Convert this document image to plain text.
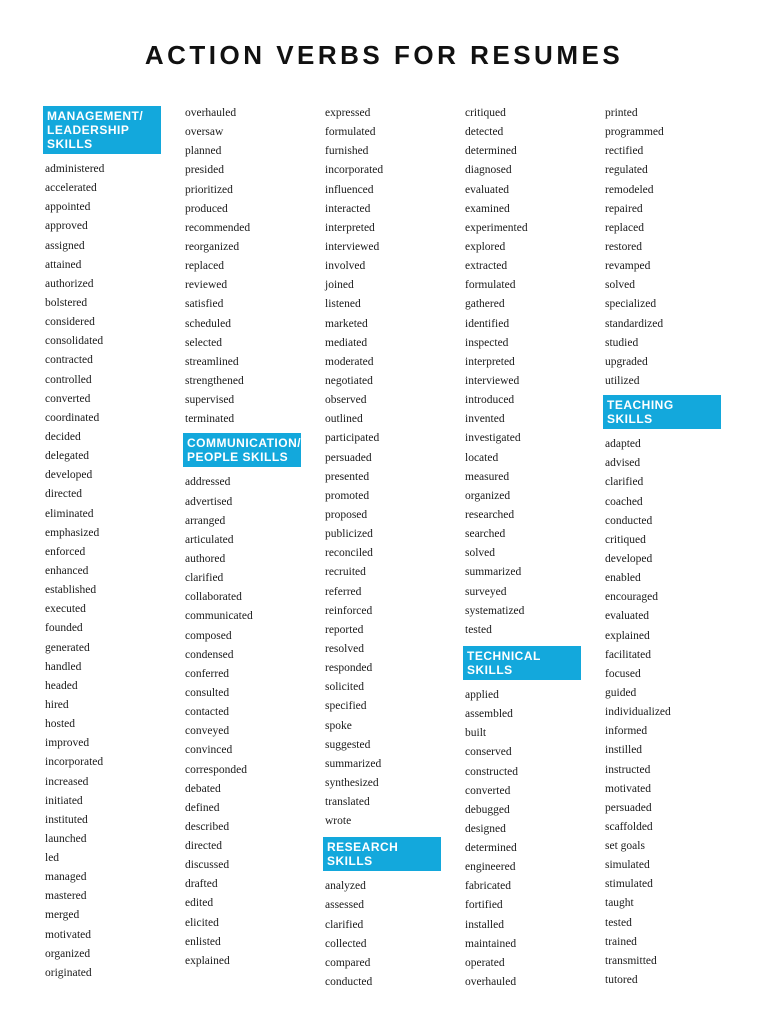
ACTION VERBS FOR RESUMES
MANAGEMENT/ LEADERSHIP SKILLS
administered
accelerated
appointed
approved
assigned
attained
authorized
bolstered
considered
consolidated
contracted
controlled
converted
coordinated
decided
delegated
developed
directed
eliminated
emphasized
enforced
enhanced
established
executed
founded
generated
handled
headed
hired
hosted
improved
incorporated
increased
initiated
instituted
launched
led
managed
mastered
merged
motivated
organized
originated
overhauled
oversaw
planned
presided
prioritized
produced
recommended
reorganized
replaced
reviewed
satisfied
scheduled
selected
streamlined
strengthened
supervised
terminated
COMMUNICATION/ PEOPLE SKILLS
addressed
advertised
arranged
articulated
authored
clarified
collaborated
communicated
composed
condensed
conferred
consulted
contacted
conveyed
convinced
corresponded
debated
defined
described
directed
discussed
drafted
edited
elicited
enlisted
explained
expressed
formulated
furnished
incorporated
influenced
interacted
interpreted
interviewed
involved
joined
listened
marketed
mediated
moderated
negotiated
observed
outlined
participated
persuaded
presented
promoted
proposed
publicized
reconciled
recruited
referred
reinforced
reported
resolved
responded
solicited
specified
spoke
suggested
summarized
synthesized
translated
wrote
RESEARCH SKILLS
analyzed
assessed
clarified
collected
compared
conducted
critiqued
detected
determined
diagnosed
evaluated
examined
experimented
explored
extracted
formulated
gathered
identified
inspected
interpreted
interviewed
introduced
invented
investigated
located
measured
organized
researched
searched
solved
summarized
surveyed
systematized
tested
TECHNICAL SKILLS
applied
assembled
built
conserved
constructed
converted
debugged
designed
determined
engineered
fabricated
fortified
installed
maintained
operated
overhauled
printed
programmed
rectified
regulated
remodeled
repaired
replaced
restored
revamped
solved
specialized
standardized
studied
upgraded
utilized
TEACHING SKILLS
adapted
advised
clarified
coached
conducted
critiqued
developed
enabled
encouraged
evaluated
explained
facilitated
focused
guided
individualized
informed
instilled
instructed
motivated
persuaded
scaffolded
set goals
simulated
stimulated
taught
tested
trained
transmitted
tutored
